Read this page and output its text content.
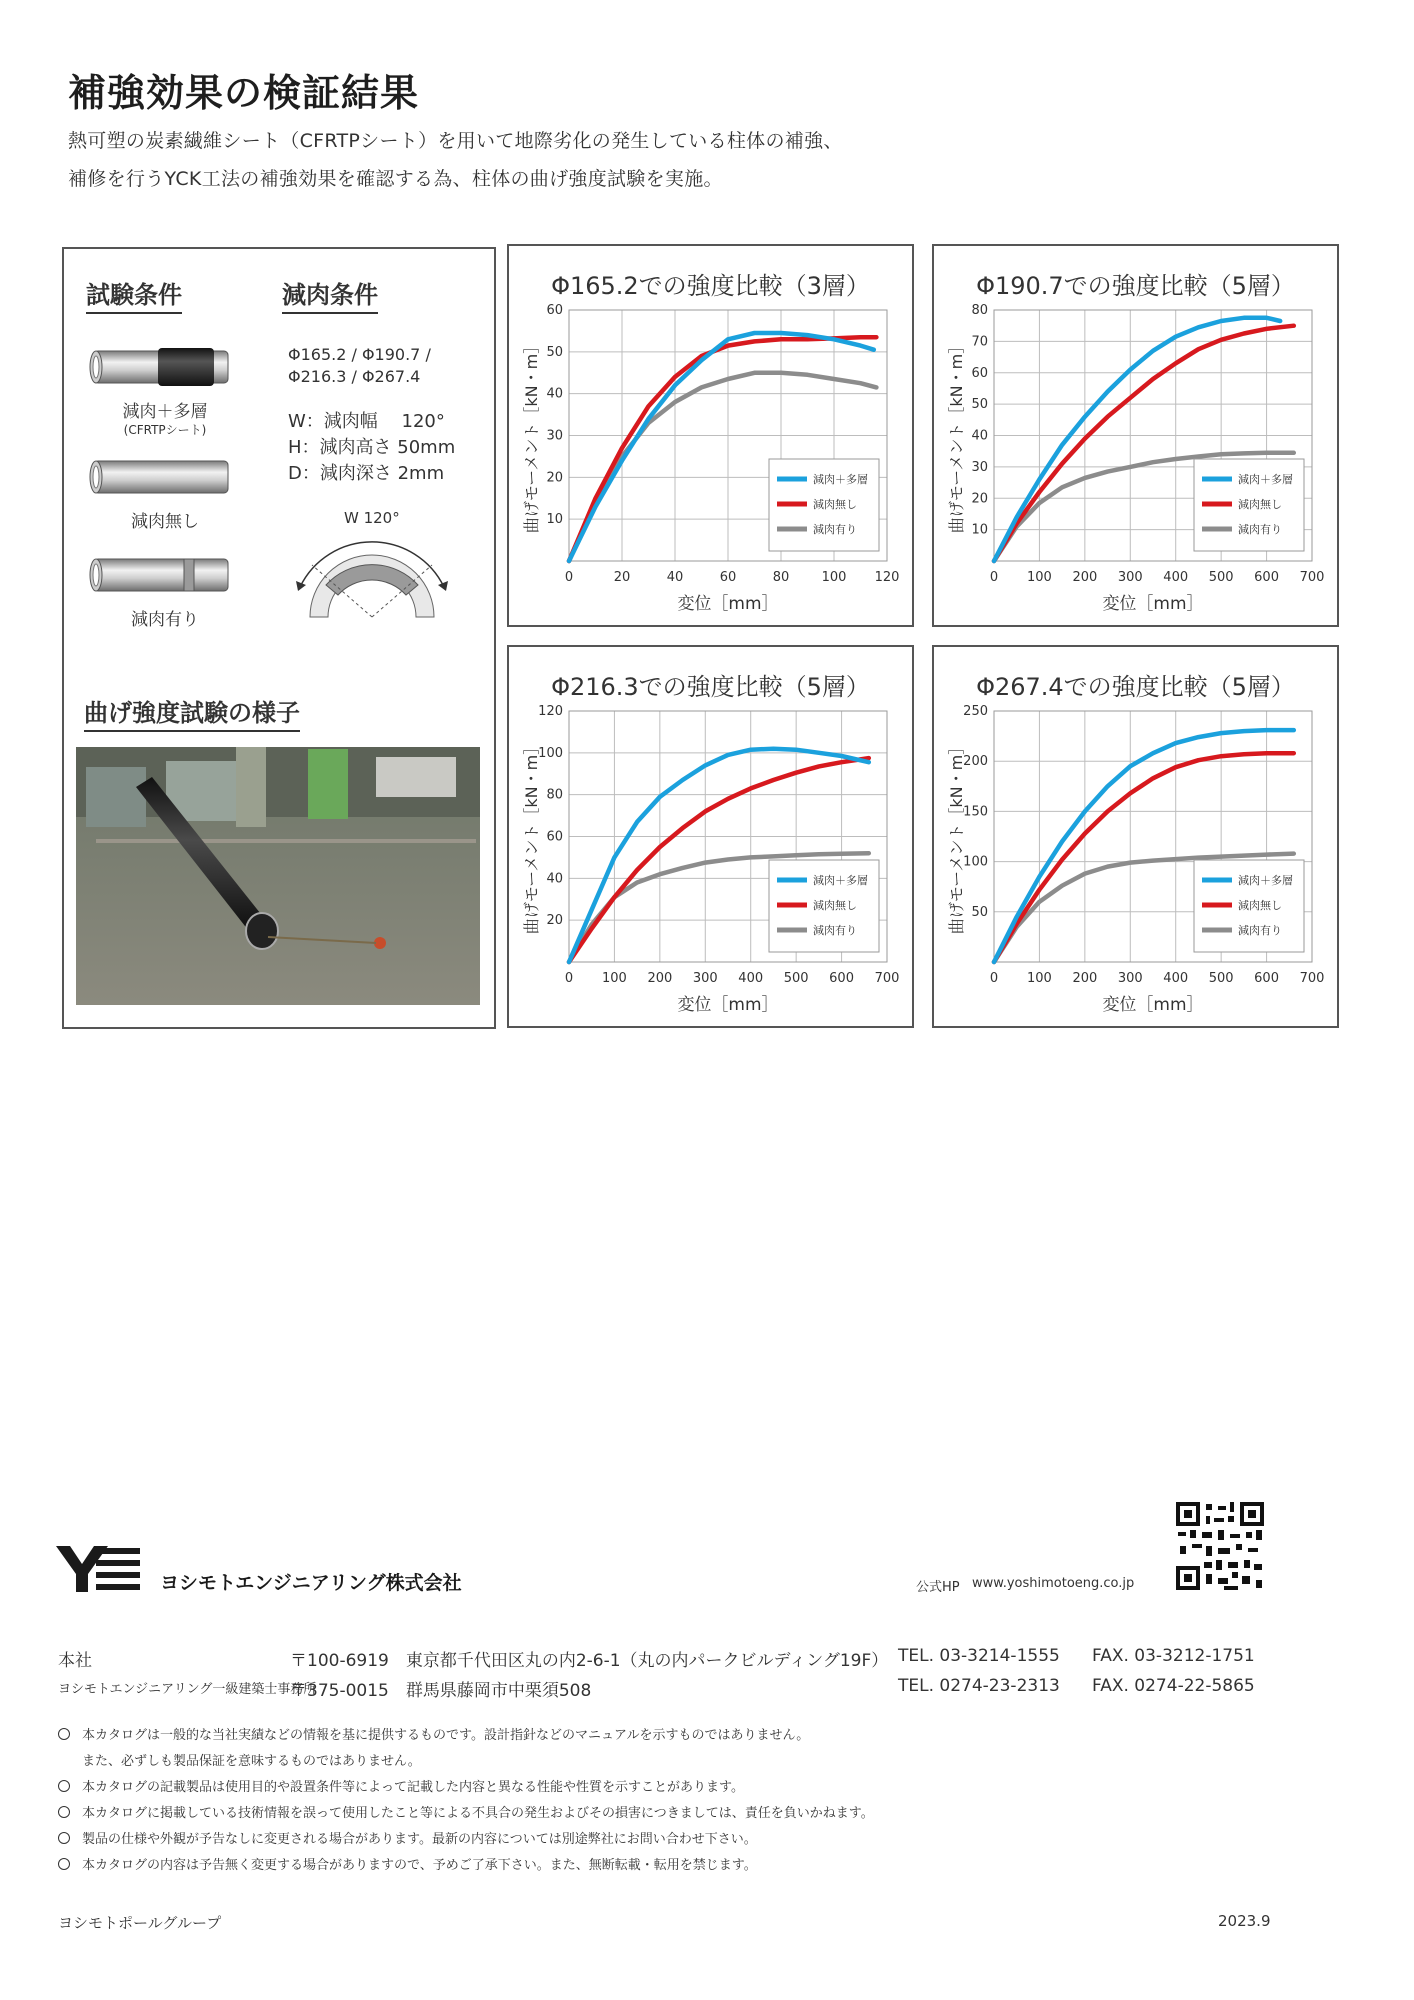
補強効果の検証結果
熱可塑の炭素繊維シート（CFRTPシート）を用いて地際劣化の発生している柱体の補強、
補修を行うYCK工法の補強効果を確認する為、柱体の曲げ強度試験を実施。
試験条件	減肉条件
減肉＋多層
(CFRTPシート)
減肉無し
減肉有り
Φ165.2 / Φ190.7 /
Φ216.3 / Φ267.4
W：減肉幅　 120°
H：減肉高さ 50mm
D：減肉深さ 2mm
W 120°
曲げ強度試験の様子
Φ165.2での強度比較（3層）
0	20	40	60	80 100 120
10
20
30
40
50
60
変位［mm］
曲げモーメント［kN・m］	減肉＋多層
減肉無し
減肉有り
Φ190.7での強度比較（5層）
0 100 200 300 400 500 600 700
10
20
30
40
50
60
70
80
変位［mm］
曲げモーメント［kN・m］	減肉＋多層
減肉無し
減肉有り
Φ216.3での強度比較（5層）
0 100 200 300 400 500 600 700
20
40
60
80
100
120
変位［mm］
曲げモーメント［kN・m］	減肉＋多層
減肉無し
減肉有り
Φ267.4での強度比較（5層）
0 100 200 300 400 500 600 700
50
100
150
200
250
変位［mm］
曲げモーメント［kN・m］	減肉＋多層
減肉無し
減肉有り
ヨシモトエンジニアリング株式会社	公式HP www.yoshimotoeng.co.jp
本社	〒100-6919　東京都千代田区丸の内2-6-1（丸の内パークビルディング19F） TEL. 03-3214-1555 FAX. 03-3212-1751
ヨシモトエンジニアリング一級建築士事務所
〒375-0015　群馬県藤岡市中栗須508	TEL. 0274-23-2313 FAX. 0274-22-5865
本カタログは一般的な当社実績などの情報を基に提供するものです。設計指針などのマニュアルを示すものではありません。
また、必ずしも製品保証を意味するものではありません。
本カタログの記載製品は使用目的や設置条件等によって記載した内容と異なる性能や性質を示すことがあります。
本カタログに掲載している技術情報を誤って使用したこと等による不具合の発生およびその損害につきましては、責任を負いかねます。
製品の仕様や外観が予告なしに変更される場合があります。最新の内容については別途弊社にお問い合わせ下さい。
本カタログの内容は予告無く変更する場合がありますので、予めご了承下さい。また、無断転載・転用を禁じます。
ヨシモトポールグループ	2023.9
